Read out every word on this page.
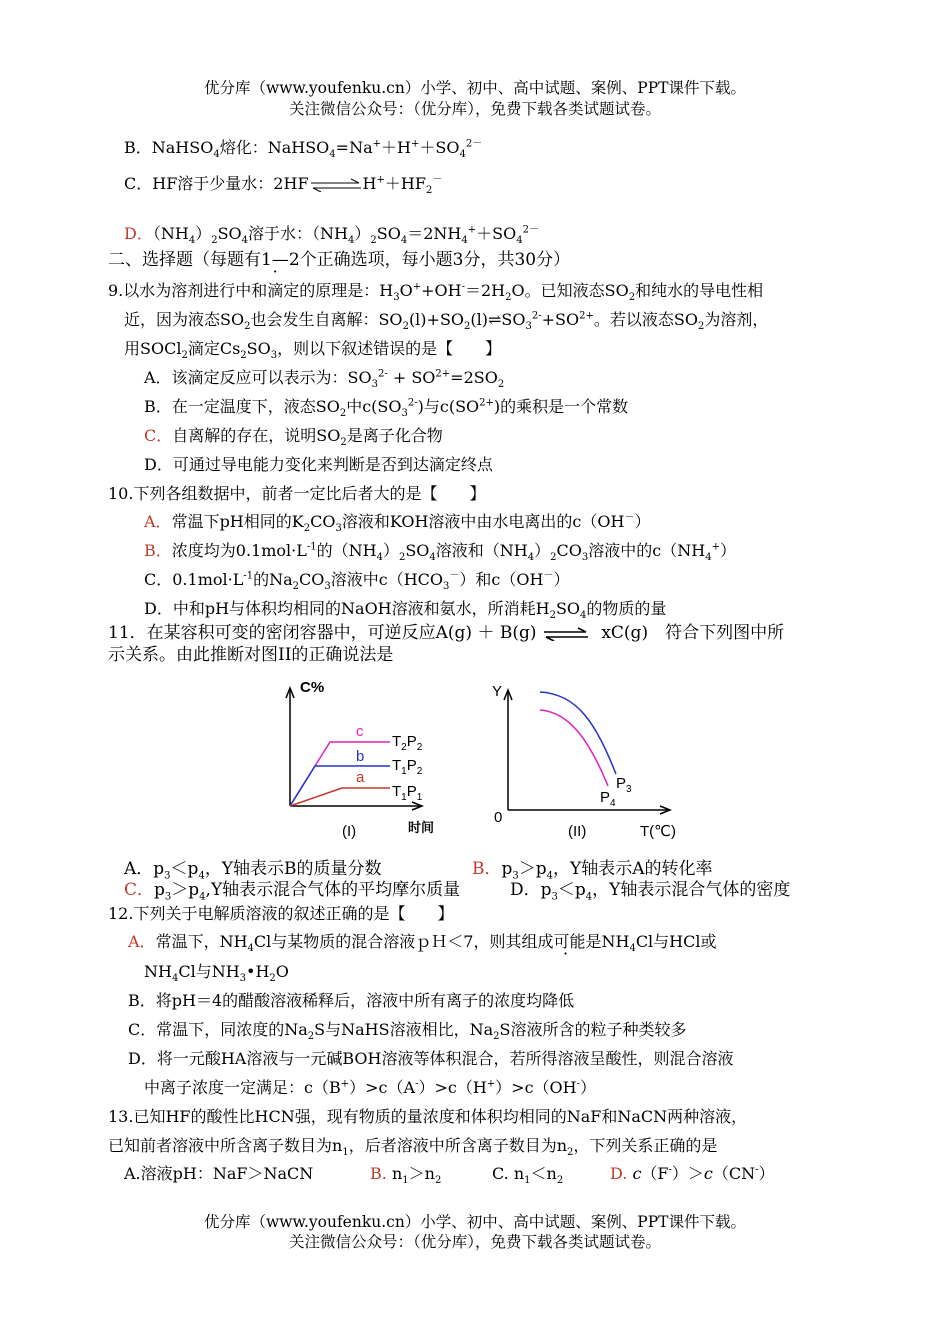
优分库（www.youfenku.cn）小学、初中、高中试题、案例、PPT课件下载。
关注微信公众号：（优分库），免费下载各类试题试卷。
B．NaHSO$_4$熔化：$NaHSO_4=Na^++H^++SO_4^{2-}$
C．HF溶于少量水：$2HF\rightleftharpoons H^++HF_2^-$
D．$(NH_4)_2SO_4$溶于水：$(NH_4)_2SO_4=2NH_4^++SO_4^{2-}$
二、选择题（每题有1—2 ·个正确选项，每小题3分，共30分）
9.以水为溶剂进行中和滴定的原理是：$H_3O^++OH^-=2H_2O$。已知液态$SO_2$和纯水的导电性相
近，因为液态$SO_2$也会发生自离解：$SO_2(l)+SO_2(l)\rightleftharpoons SO_3^{2-}+SO^{2+}$。若以液态$SO_2$为溶剂，
用SOCl$_2$滴定$Cs_2SO_3$，则以下叙述错误的是【　　】
A．该滴定反应可以表示为：$SO_3^{2-} + SO^{2+}=2SO_2$
B．在一定温度下，液态$SO_2$中$c(SO_3^{2-})$与$c(SO^{2+})$的乘积是一个常数
C．自离解的存在，说明$SO_2$是离子化合物
D．可通过导电能力变化来判断是否到达滴定终点
10.下列各组数据中，前者一定比后者大的是【　　】
A．常温下pH相同的$K_2CO_3$溶液和KOH溶液中由水电离出的c（OH－）
B．浓度均为$0.1mol\cdot L^{-1}$的$(NH_4)_2SO_4$溶液和$(NH_4)_2CO_3$溶液中的$c(NH_4^+)$
C．$0.1mol\cdot L^{-1}$的$Na_2CO_3$溶液中$c(HCO_3^-)$和c（OH－）
D．中和pH与体积均相同的NaOH溶液和氨水，所消耗$H_2SO_4$的物质的量
11．在某容积可变的密闭容器中，可逆反应A(g) ＋ B(g) ⇌ xC(g)　符合下列图中所
示关系。由此推断对图II的正确说法是
C%
c
b
a
$T_2P_2$
$T_1P_2$
$T_1P_1$
(I)	时间
Y
0
$P_3$
$P_4$
(II)	T(℃)
A．$p_3<p_4$，Y轴表示B的质量分数	B．$p_3>p_4$，Y轴表示A的转化率
C．$p_3>p_4,Y$轴表示混合气体的平均摩尔质量	D．$p_3<p_4$，Y轴表示混合气体的密度
12.下列关于电解质溶液的叙述正确的是【　　】
A．常温下，$NH_4Cl$与某物质的混合溶液ｐＨ＜7，则其组成可能是$NH_4Cl$与HCl或
$NH_4Cl$与$NH_3•H_2O$
B．将pH＝4的醋酸溶液稀释后，溶液中所有离子的浓度均降低
C．常温下，同浓度的$Na_2S$与NaHS溶液相比，$Na_2S$溶液所含的粒子种类较多
D．将一元酸HA溶液与一元碱BOH溶液等体积混合，若所得溶液呈酸性，则混合溶液
中离子浓度一定满足：c（B+）>c（A-）>c（H+）>c（OH-）
13.已知HF的酸性比HCN强，现有物质的量浓度和体积均相同的NaF和NaCN两种溶液，
已知前者溶液中所含离子数目为$n_1$，后者溶液中所含离子数目为$n_2$，下列关系正确的是
A.溶液pH：NaF＞NaCN	B. $n_1>n_2$	C. $n_1<n_2$	D. c（F-）＞c（CN-）
优分库（www.youfenku.cn）小学、初中、高中试题、案例、PPT课件下载。
关注微信公众号：（优分库），免费下载各类试题试卷。
